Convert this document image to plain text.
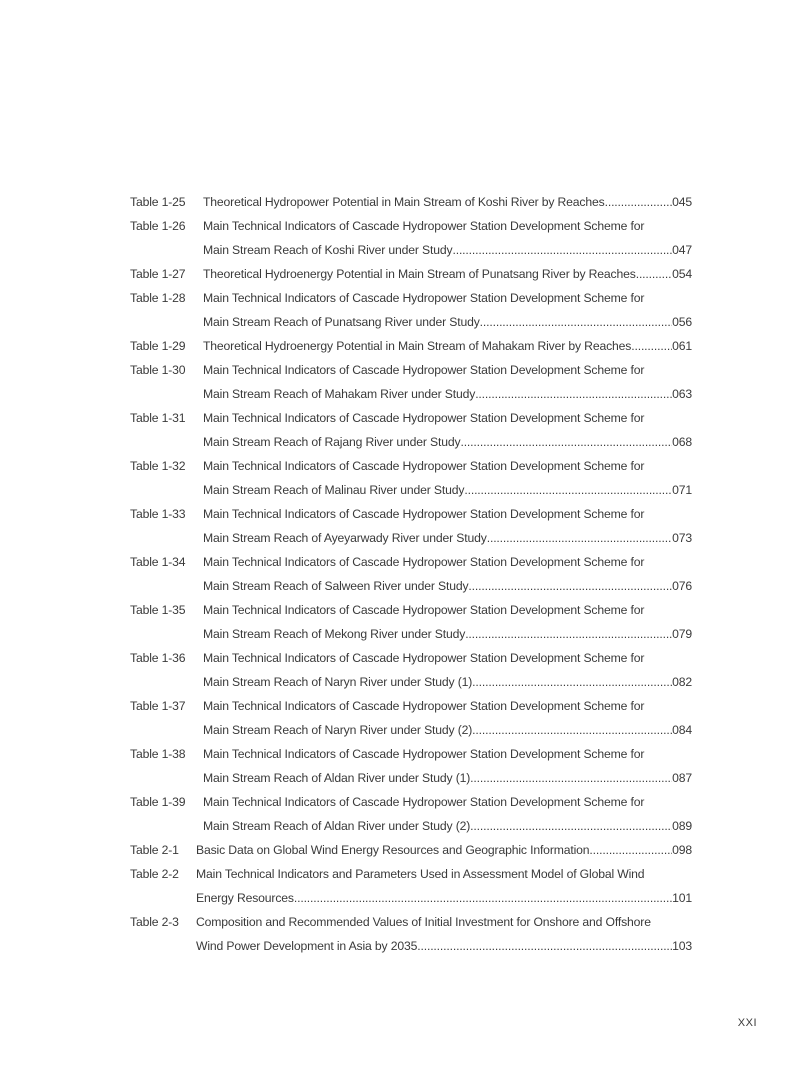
Table 1-25 Theoretical Hydropower Potential in Main Stream of Koshi River by Reaches .....	045
Table 1-26 Main Technical Indicators of Cascade Hydropower Station Development Scheme for
Main Stream Reach of Koshi River under Study .....	047
Table 1-27 Theoretical Hydroenergy Potential in Main Stream of Punatsang River by Reaches .....	054
Table 1-28 Main Technical Indicators of Cascade Hydropower Station Development Scheme for
Main Stream Reach of Punatsang River under Study .....	056
Table 1-29 Theoretical Hydroenergy Potential in Main Stream of Mahakam River by Reaches .....	061
Table 1-30 Main Technical Indicators of Cascade Hydropower Station Development Scheme for
Main Stream Reach of Mahakam River under Study .....	063
Table 1-31 Main Technical Indicators of Cascade Hydropower Station Development Scheme for
Main Stream Reach of Rajang River under Study .....	068
Table 1-32 Main Technical Indicators of Cascade Hydropower Station Development Scheme for
Main Stream Reach of Malinau River under Study .....	071
Table 1-33 Main Technical Indicators of Cascade Hydropower Station Development Scheme for
Main Stream Reach of Ayeyarwady River under Study .....	073
Table 1-34 Main Technical Indicators of Cascade Hydropower Station Development Scheme for
Main Stream Reach of Salween River under Study .....	076
Table 1-35 Main Technical Indicators of Cascade Hydropower Station Development Scheme for
Main Stream Reach of Mekong River under Study .....	079
Table 1-36 Main Technical Indicators of Cascade Hydropower Station Development Scheme for
Main Stream Reach of Naryn River under Study (1) .....	082
Table 1-37 Main Technical Indicators of Cascade Hydropower Station Development Scheme for
Main Stream Reach of Naryn River under Study (2) .....	084
Table 1-38 Main Technical Indicators of Cascade Hydropower Station Development Scheme for
Main Stream Reach of Aldan River under Study (1) .....	087
Table 1-39 Main Technical Indicators of Cascade Hydropower Station Development Scheme for
Main Stream Reach of Aldan River under Study (2) .....	089
Table 2-1 Basic Data on Global Wind Energy Resources and Geographic Information .....	098
Table 2-2 Main Technical Indicators and Parameters Used in Assessment Model of Global Wind
Energy Resources .....	101
Table 2-3 Composition and Recommended Values of Initial Investment for Onshore and Offshore
Wind Power Development in Asia by 2035 .....	103
XXI
